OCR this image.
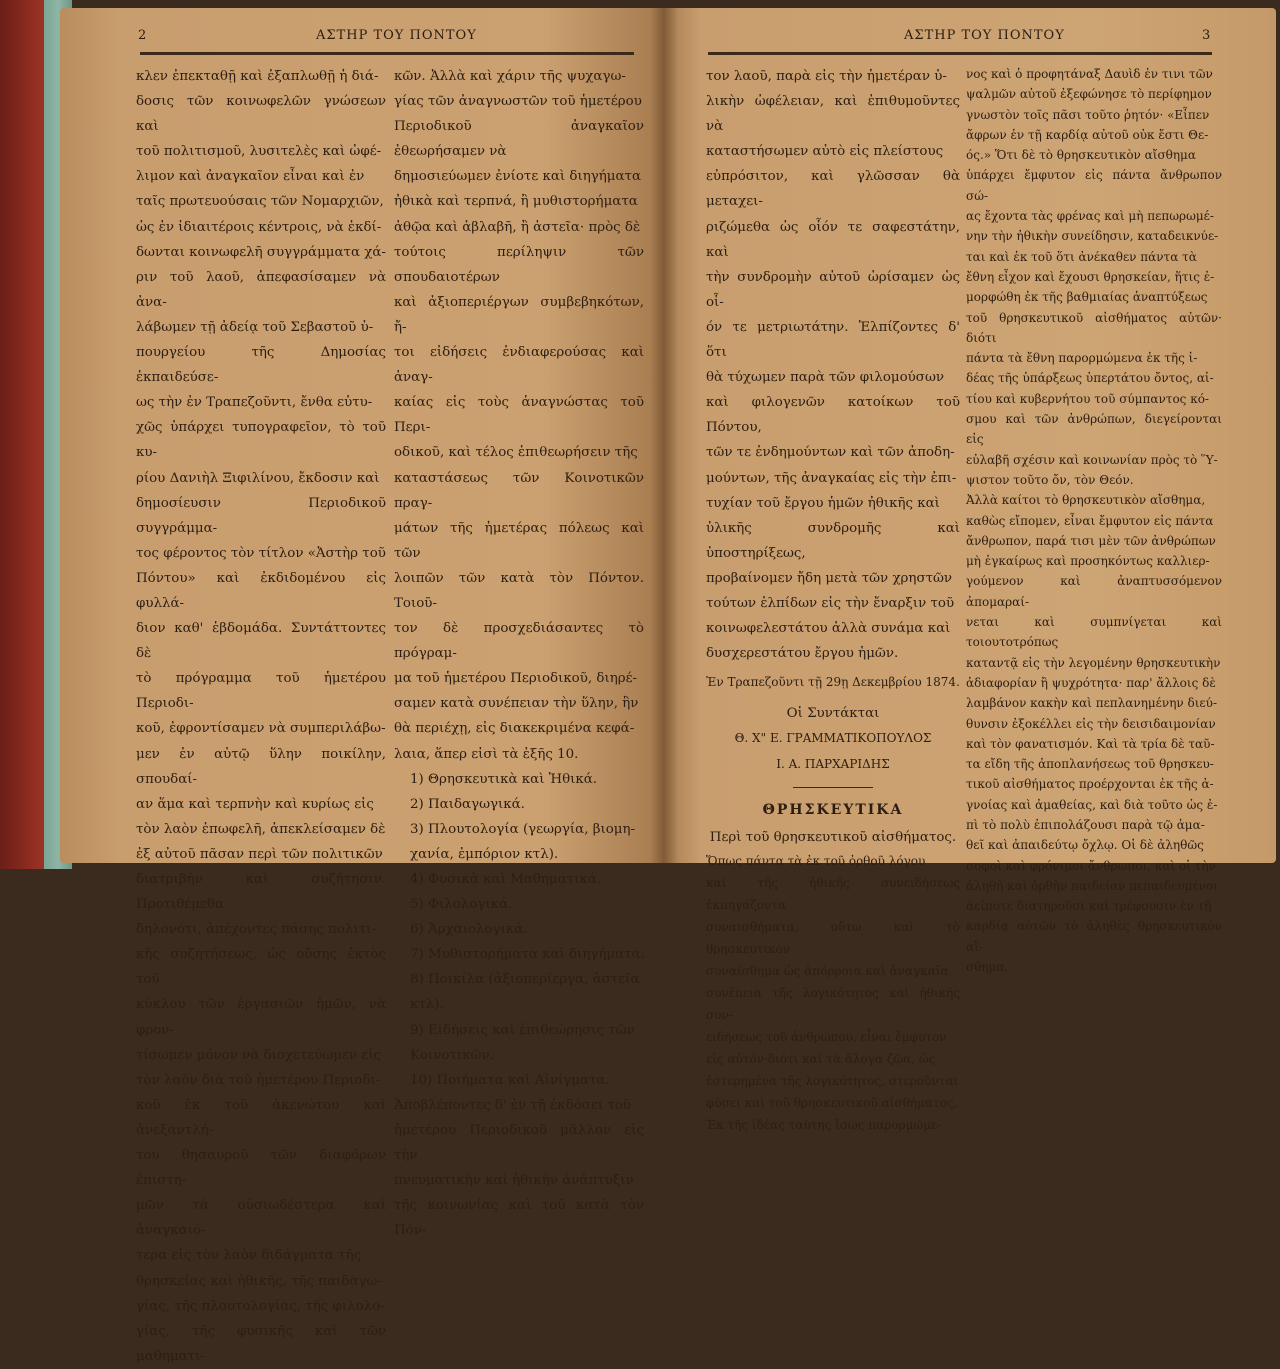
2	ΑΣΤΗΡ ΤΟΥ ΠΟΝΤΟΥ

κλεν ἐπεκταθῇ καὶ ἐξαπλωθῇ ἡ διά-

δοσις τῶν κοινωφελῶν γνώσεων καὶ

τοῦ πολιτισμοῦ, λυσιτελὲς καὶ ὠφέ-

λιμον καὶ ἀναγκαῖον εἶναι καὶ ἐν

ταῖς πρωτευούσαις τῶν Νομαρχιῶν,

ὡς ἐν ἰδιαιτέροις κέντροις, νὰ ἐκδί-

δωνται κοινωφελῆ συγγράμματα χά-

ριν τοῦ λαοῦ, ἀπεφασίσαμεν νὰ ἀνα-

λάβωμεν τῇ ἀδείᾳ τοῦ Σεβαστοῦ ὑ-

πουργείου τῆς Δημοσίας ἐκπαιδεύσε-

ως τὴν ἐν Τραπεζοῦντι, ἔνθα εὐτυ-

χῶς ὑπάρχει τυπογραφεῖον, τὸ τοῦ κυ-

ρίου Δανιὴλ Ξιφιλίνου, ἔκδοσιν καὶ

δημοσίευσιν Περιοδικοῦ συγγράμμα-

τος φέροντος τὸν τίτλον «Ἀστὴρ τοῦ

Πόντου» καὶ ἐκδιδομένου εἰς φυλλά-

διον καθ' ἑβδομάδα. Συντάττοντες δὲ

τὸ πρόγραμμα τοῦ ἡμετέρου Περιοδι-

κοῦ, ἐφροντίσαμεν νὰ συμπεριλάβω-

μεν ἐν αὐτῷ ὕλην ποικίλην, σπουδαί-

αν ἅμα καὶ τερπνὴν καὶ κυρίως εἰς

τὸν λαὸν ἐπωφελῆ, ἀπεκλείσαμεν δὲ

ἐξ αὐτοῦ πᾶσαν περὶ τῶν πολιτικῶν

διατριβὴν καὶ συζήτησιν. Προτιθέμεθα

δηλονότι, ἀπέχοντες πάσης πολιτι-

κῆς συζητήσεως, ὡς οὔσης ἐκτὸς τοῦ

κύκλου τῶν ἐργασιῶν ἡμῶν, νὰ φρον-

τίσωμεν μόνον νὰ διοχετεύωμεν εἰς

τὸν λαὸν διὰ τοῦ ἡμετέρου Περιοδι-

κοῦ ἐκ τοῦ ἀκενώτου καὶ ἀνεξαντλή-

του θησαυροῦ τῶν διαφόρων ἐπιστη-

μῶν τὰ οὐσιωδέστερα καὶ ἀναγκαιό-

τερα εἰς τὸν λαὸν διδάγματα τῆς

θρησκείας καὶ ἠθικῆς, τῆς παιδαγω-

γίας, τῆς πλουτολογίας, τῆς φιλολο-

γίας, τῆς φυσικῆς καὶ τῶν μαθηματι-

κῶν. Ἀλλὰ καὶ χάριν τῆς ψυχαγω-

γίας τῶν ἀναγνωστῶν τοῦ ἡμετέρου

Περιοδικοῦ ἀναγκαῖον ἐθεωρήσαμεν νὰ

δημοσιεύωμεν ἐνίοτε καὶ διηγήματα

ἠθικὰ καὶ τερπνά, ἢ μυθιστορήματα

ἀθῷα καὶ ἀβλαβῆ, ἢ ἀστεῖα· πρὸς δὲ

τούτοις περίληψιν τῶν σπουδαιοτέρων

καὶ ἀξιοπεριέργων συμβεβηκότων, ἤ-

τοι εἰδήσεις ἐνδιαφερούσας καὶ ἀναγ-

καίας εἰς τοὺς ἀναγνώστας τοῦ Περι-

οδικοῦ, καὶ τέλος ἐπιθεωρήσειν τῆς

καταστάσεως τῶν Κοινοτικῶν πραγ-

μάτων τῆς ἡμετέρας πόλεως καὶ τῶν

λοιπῶν τῶν κατὰ τὸν Πόντον. Τοιοῦ-

τον δὲ προσχεδιάσαντες τὸ πρόγραμ-

μα τοῦ ἡμετέρου Περιοδικοῦ, διηρέ-

σαμεν κατὰ συνέπειαν τὴν ὕλην, ἣν

θὰ περιέχῃ, εἰς διακεκριμένα κεφά-

λαια, ἅπερ εἰσὶ τὰ ἑξῆς 10.

1) Θρησκευτικὰ καὶ Ἠθικά.

2) Παιδαγωγικά.

3) Πλουτολογία (γεωργία, βιομη-

χανία, ἐμπόριον κτλ).

4) Φυσικὰ καὶ Μαθηματικά.

5) Φιλολογικά.

6) Ἀρχαιολογικά.

7) Μυθιστορήματα καὶ διηγήματα.

8) Ποικίλα (ἀξιοπερίεργα, ἀστεῖα

κτλ).

9) Εἰδήσεις καὶ ἐπιθεώρησις τῶν

Κοινοτικῶν.

10) Ποιήματα καὶ Αἰνίγματα.

Ἀποβλέποντες δ' ἐν τῇ ἐκδόσει τοῦ

ἡμετέρου Περιοδικοῦ μᾶλλον εἰς τὴν

πνευματικὴν καὶ ἠθικὴν ἀνάπτυξιν

τῆς κοινωνίας καὶ τοῦ κατὰ τὸν Πόν-

ΑΣΤΗΡ ΤΟΥ ΠΟΝΤΟΥ	3

τον λαοῦ, παρὰ εἰς τὴν ἡμετέραν ὑ-

λικὴν ὠφέλειαν, καὶ ἐπιθυμοῦντες νὰ

καταστήσωμεν αὐτὸ εἰς πλείστους

εὐπρόσιτον, καὶ γλῶσσαν θὰ μεταχει-

ριζώμεθα ὡς οἷόν τε σαφεστάτην, καὶ

τὴν συνδρομὴν αὐτοῦ ὡρίσαμεν ὡς οἷ-

όν τε μετριωτάτην. Ἐλπίζοντες δ' ὅτι

θὰ τύχωμεν παρὰ τῶν φιλομούσων

καὶ φιλογενῶν κατοίκων τοῦ Πόντου,

τῶν τε ἐνδημούντων καὶ τῶν ἀποδη-

μούντων, τῆς ἀναγκαίας εἰς τὴν ἐπι-

τυχίαν τοῦ ἔργου ἡμῶν ἠθικῆς καὶ

ὑλικῆς συνδρομῆς καὶ ὑποστηρίξεως,

προβαίνομεν ἤδη μετὰ τῶν χρηστῶν

τούτων ἐλπίδων εἰς τὴν ἔναρξιν τοῦ

κοινωφελεστάτου ἀλλὰ συνάμα καὶ

δυσχερεστάτου ἔργου ἡμῶν.

Ἐν Τραπεζοῦντι τῇ 29ῃ Δεκεμβρίου 1874.

Οἱ Συντάκται

Θ. Χ" Ε. ΓΡΑΜΜΑΤΙΚΟΠΟΥΛΟΣ

Ι. Α. ΠΑΡΧΑΡΙΔΗΣ

ΘΡΗΣΚΕΥΤΙΚΑ

Περὶ τοῦ θρησκευτικοῦ αἰσθήματος.

Ὅπως πάντα τὰ ἐκ τοῦ ὀρθοῦ λόγου

καὶ τῆς ἠθικῆς συνειδήσεως ἐκπηγάζοντα

συναισθήματα, οὕτω καὶ τὸ θρησκευτικὸν

συναίσθημα ὡς ἀπόρροια καὶ ἀναγκαῖα

συνέπεια τῆς λογικότητος καὶ ἠθικῆς συν-

ειδήσεως τοῦ ἀνθρώπου, εἶναι ἔμφυτον

εἰς αὐτόν·διότι καὶ τὰ ἄλογα ζῷα, ὡς

ἐστερημένα τῆς λογικότητος, στεροῦνται

φύσει καὶ τοῦ θρησκευτικοῦ αἰσθήματος.

Ἐκ τῆς ἰδέας ταύτης ἴσως παρορμώμε-

νος καὶ ὁ προφητάναξ Δαυὶδ ἐν τινι τῶν

ψαλμῶν αὐτοῦ ἐξεφώνησε τὸ περίφημον

γνωστὸν τοῖς πᾶσι τοῦτο ῥητόν· «Εἶπεν

ἄφρων ἐν τῇ καρδίᾳ αὐτοῦ οὐκ ἔστι Θε-

ός.» Ὅτι δὲ τὸ θρησκευτικὸν αἴσθημα

ὑπάρχει ἔμφυτον εἰς πάντα ἄνθρωπον σώ-

ας ἔχοντα τὰς φρένας καὶ μὴ πεπωρωμέ-

νην τὴν ἠθικὴν συνείδησιν, καταδεικνύε-

ται καὶ ἐκ τοῦ ὅτι ἀνέκαθεν πάντα τὰ

ἔθνη εἶχον καὶ ἔχουσι θρησκείαν, ἥτις ἐ-

μορφώθη ἐκ τῆς βαθμιαίας ἀναπτύξεως

τοῦ θρησκευτικοῦ αἰσθήματος αὐτῶν· διότι

πάντα τὰ ἔθνη παρορμώμενα ἐκ τῆς ἰ-

δέας τῆς ὑπάρξεως ὑπερτάτου ὄντος, αἰ-

τίου καὶ κυβερνήτου τοῦ σύμπαντος κό-

σμου καὶ τῶν ἀνθρώπων, διεγείρονται εἰς

εὐλαβῆ σχέσιν καὶ κοινωνίαν πρὸς τὸ Ὕ-

ψιστον τοῦτο ὄν, τὸν Θεόν.

Ἀλλὰ καίτοι τὸ θρησκευτικὸν αἴσθημα,

καθὼς εἴπομεν, εἶναι ἔμφυτον εἰς πάντα

ἄνθρωπον, παρά τισι μὲν τῶν ἀνθρώπων

μὴ ἐγκαίρως καὶ προσηκόντως καλλιερ-

γούμενον καὶ ἀναπτυσσόμενον ἀπομαραί-

νεται καὶ συμπνίγεται καὶ τοιουτοτρόπως

καταντᾷ εἰς τὴν λεγομένην θρησκευτικὴν

ἀδιαφορίαν ἢ ψυχρότητα· παρ' ἄλλοις δὲ

λαμβάνον κακὴν καὶ πεπλανημένην διεύ-

θυνσιν ἐξοκέλλει εἰς τὴν δεισιδαιμονίαν

καὶ τὸν φανατισμόν. Καὶ τὰ τρία δὲ ταῦ-

τα εἴδη τῆς ἀποπλανήσεως τοῦ θρησκευ-

τικοῦ αἰσθήματος προέρχονται ἐκ τῆς ἀ-

γνοίας καὶ ἀμαθείας, καὶ διὰ τοῦτο ὡς ἐ-

πὶ τὸ πολὺ ἐπιπολάζουσι παρὰ τῷ ἀμα-

θεῖ καὶ ἀπαιδεύτῳ ὄχλῳ. Οἱ δὲ ἀληθῶς

σοφοὶ καὶ φρόνιμοι ἄνθρωποι, καὶ οἱ τὴν

ἀληθῆ καὶ ὀρθὴν παιδείαν πεπαιδευμένοι

ἀείποτε διατηροῦσι καὶ τρέφουσιν ἐν τῇ

καρδίᾳ αὐτῶν τὸ ἀληθὲς θρησκευτικὸν αἴ-

σθημα.
